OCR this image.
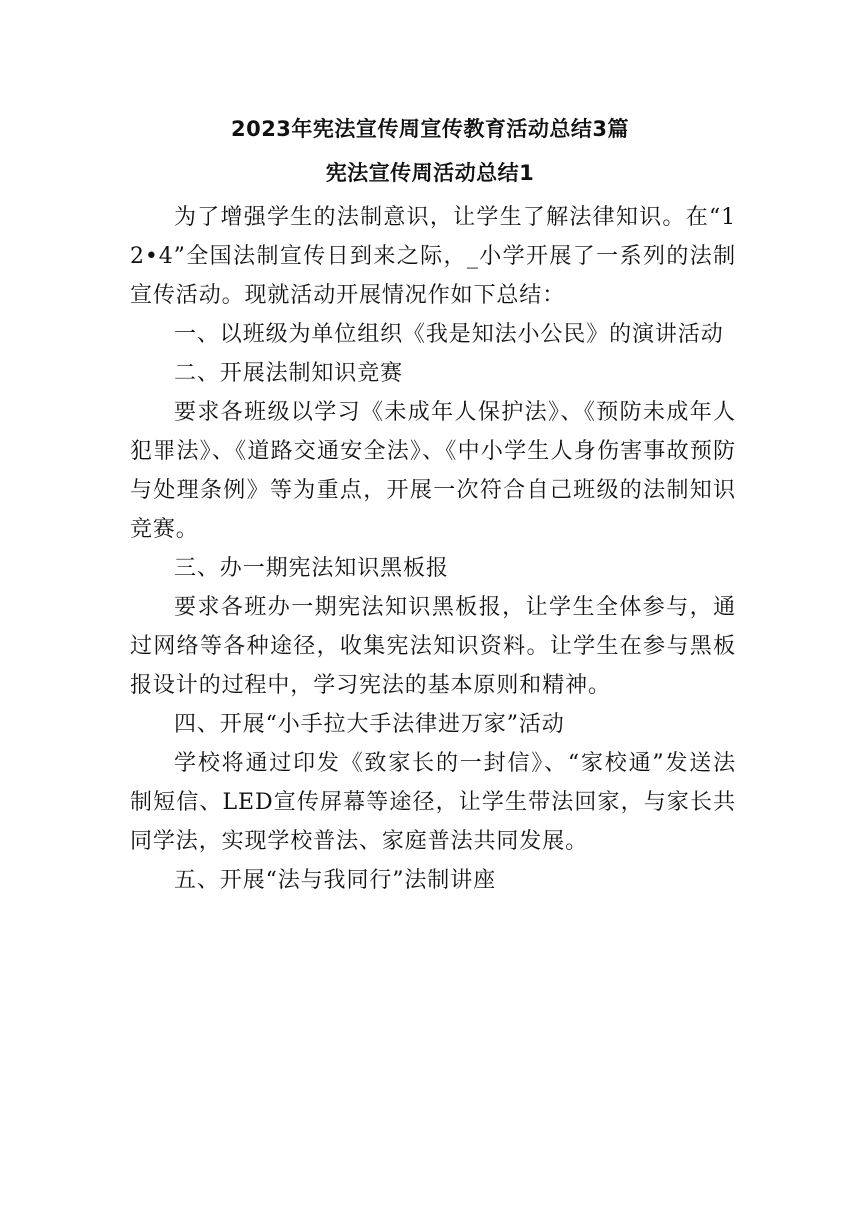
2023年宪法宣传周宣传教育活动总结3篇
宪法宣传周活动总结1

为了增强学生的法制意识，让学生了解法律知识。在“12•4”全国法制宣传日到来之际，_小学开展了一系列的法制宣传活动。现就活动开展情况作如下总结：

一、以班级为单位组织《我是知法小公民》的演讲活动

二、开展法制知识竞赛

要求各班级以学习《未成年人保护法》、《预防未成年人犯罪法》、《道路交通安全法》、《中小学生人身伤害事故预防与处理条例》等为重点，开展一次符合自己班级的法制知识竞赛。

三、办一期宪法知识黑板报

要求各班办一期宪法知识黑板报，让学生全体参与，通过网络等各种途径，收集宪法知识资料。让学生在参与黑板报设计的过程中，学习宪法的基本原则和精神。

四、开展“小手拉大手法律进万家”活动

学校将通过印发《致家长的一封信》、“家校通”发送法制短信、LED宣传屏幕等途径，让学生带法回家，与家长共同学法，实现学校普法、家庭普法共同发展。

五、开展“法与我同行”法制讲座
